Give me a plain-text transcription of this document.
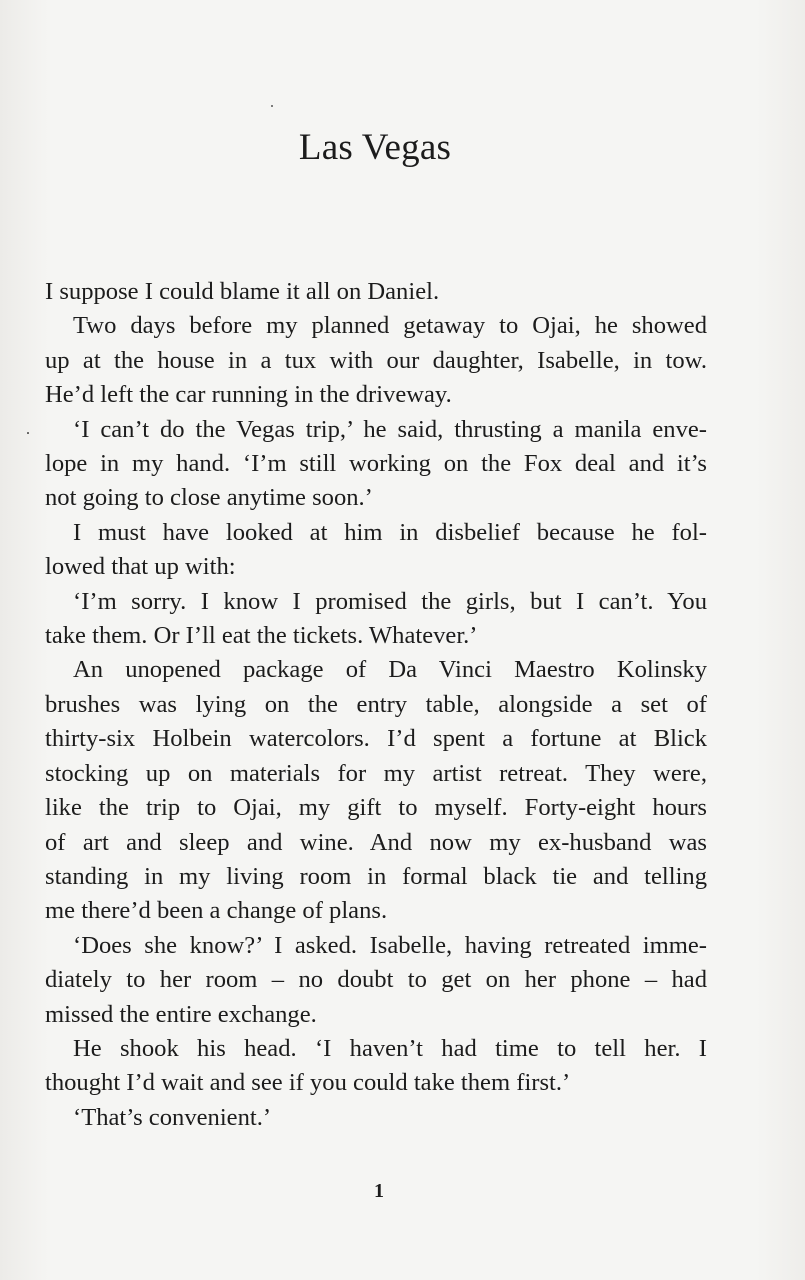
Las Vegas

I suppose I could blame it all on Daniel.

Two days before my planned getaway to Ojai, he showed
up at the house in a tux with our daughter, Isabelle, in tow.
He’d left the car running in the driveway.

‘I can’t do the Vegas trip,’ he said, thrusting a manila enve-
lope in my hand. ‘I’m still working on the Fox deal and it’s
not going to close anytime soon.’

I must have looked at him in disbelief because he fol-
lowed that up with:

‘I’m sorry. I know I promised the girls, but I can’t. You
take them. Or I’ll eat the tickets. Whatever.’

An unopened package of Da Vinci Maestro Kolinsky
brushes was lying on the entry table, alongside a set of
thirty-six Holbein watercolors. I’d spent a fortune at Blick
stocking up on materials for my artist retreat. They were,
like the trip to Ojai, my gift to myself. Forty-eight hours
of art and sleep and wine. And now my ex-husband was
standing in my living room in formal black tie and telling
me there’d been a change of plans.

‘Does she know?’ I asked. Isabelle, having retreated imme-
diately to her room – no doubt to get on her phone – had
missed the entire exchange.

He shook his head. ‘I haven’t had time to tell her. I
thought I’d wait and see if you could take them first.’

‘That’s convenient.’

1
